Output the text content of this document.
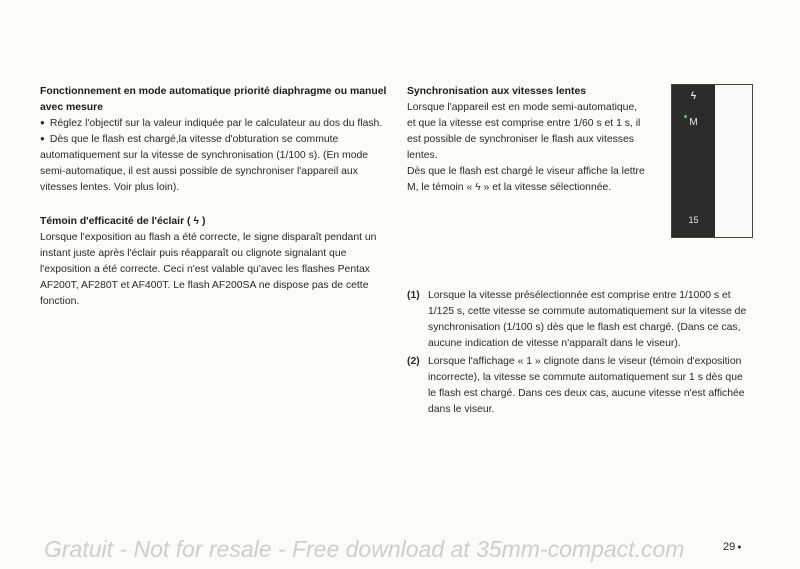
Fonctionnement en mode automatique priorité diaphragme ou manuel avec mesure

● Réglez l'objectif sur la valeur indiquée par le calculateur au dos du flash.

● Dès que le flash est chargé,la vitesse d'obturation se commute automatiquement sur la vitesse de synchronisation (1/100 s). (En mode semi-automatique, il est aussi possible de synchroniser l'appareil aux vitesses lentes. Voir plus loin).

Témoin d'efficacité de l'éclair ( ϟ )

Lorsque l'exposition au flash a été correcte, le signe disparaît pendant un instant juste après l'éclair puis réapparaît ou clignote signalant que l'exposition a été correcte. Ceci n'est valable qu'avec les flashes Pentax AF200T, AF280T et AF400T. Le flash AF200SA ne dispose pas de cette fonction.

Synchronisation aux vitesses lentes

Lorsque l'appareil est en mode semi-automatique, et que la vitesse est comprise entre 1/60 s et 1 s, il est possible de synchroniser le flash aux vitesses lentes.

Dès que le flash est chargé le viseur affiche la lettre M, le témoin « ϟ » et la vitesse sélectionnée.

ϟ
M
15
(1) Lorsque la vitesse présélectionnée est comprise entre 1/1000 s et 1/125 s, cette vitesse se commute automatiquement sur la vitesse de synchronisation (1/100 s) dès que le flash est chargé. (Dans ce cas, aucune indication de vitesse n'apparaît dans le viseur).
(2) Lorsque l'affichage « 1 » clignote dans le viseur (témoin d'exposition incorrecte), la vitesse se commute automatiquement sur 1 s dès que le flash est chargé. Dans ces deux cas, aucune vitesse n'est affichée dans le viseur.
29 ●
Gratuit - Not for resale - Free download at 35mm-compact.com
